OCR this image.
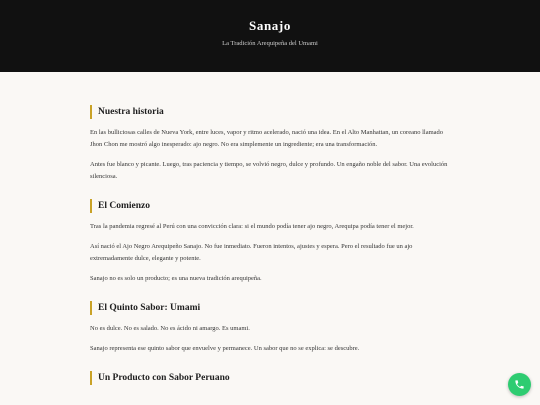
Sanajo
La Tradición Arequipeña del Umami
Nuestra historia

En las bulliciosas calles de Nueva York, entre luces, vapor y ritmo acelerado, nació una idea. En el Alto Manhattan, un coreano llamado Jhon Chon me mostró algo inesperado: ajo negro. No era simplemente un ingrediente; era una transformación.

Antes fue blanco y picante. Luego, tras paciencia y tiempo, se volvió negro, dulce y profundo. Un engaño noble del sabor. Una evolución silenciosa.

El Comienzo

Tras la pandemia regresé al Perú con una convicción clara: si el mundo podía tener ajo negro, Arequipa podía tener el mejor.

Así nació el Ajo Negro Arequipeño Sanajo. No fue inmediato. Fueron intentos, ajustes y espera. Pero el resultado fue un ajo extremadamente dulce, elegante y potente.

Sanajo no es solo un producto; es una nueva tradición arequipeña.

El Quinto Sabor: Umami

No es dulce. No es salado. No es ácido ni amargo. Es umami.

Sanajo representa ese quinto sabor que envuelve y permanece. Un sabor que no se explica: se descubre.

Un Producto con Sabor Peruano
